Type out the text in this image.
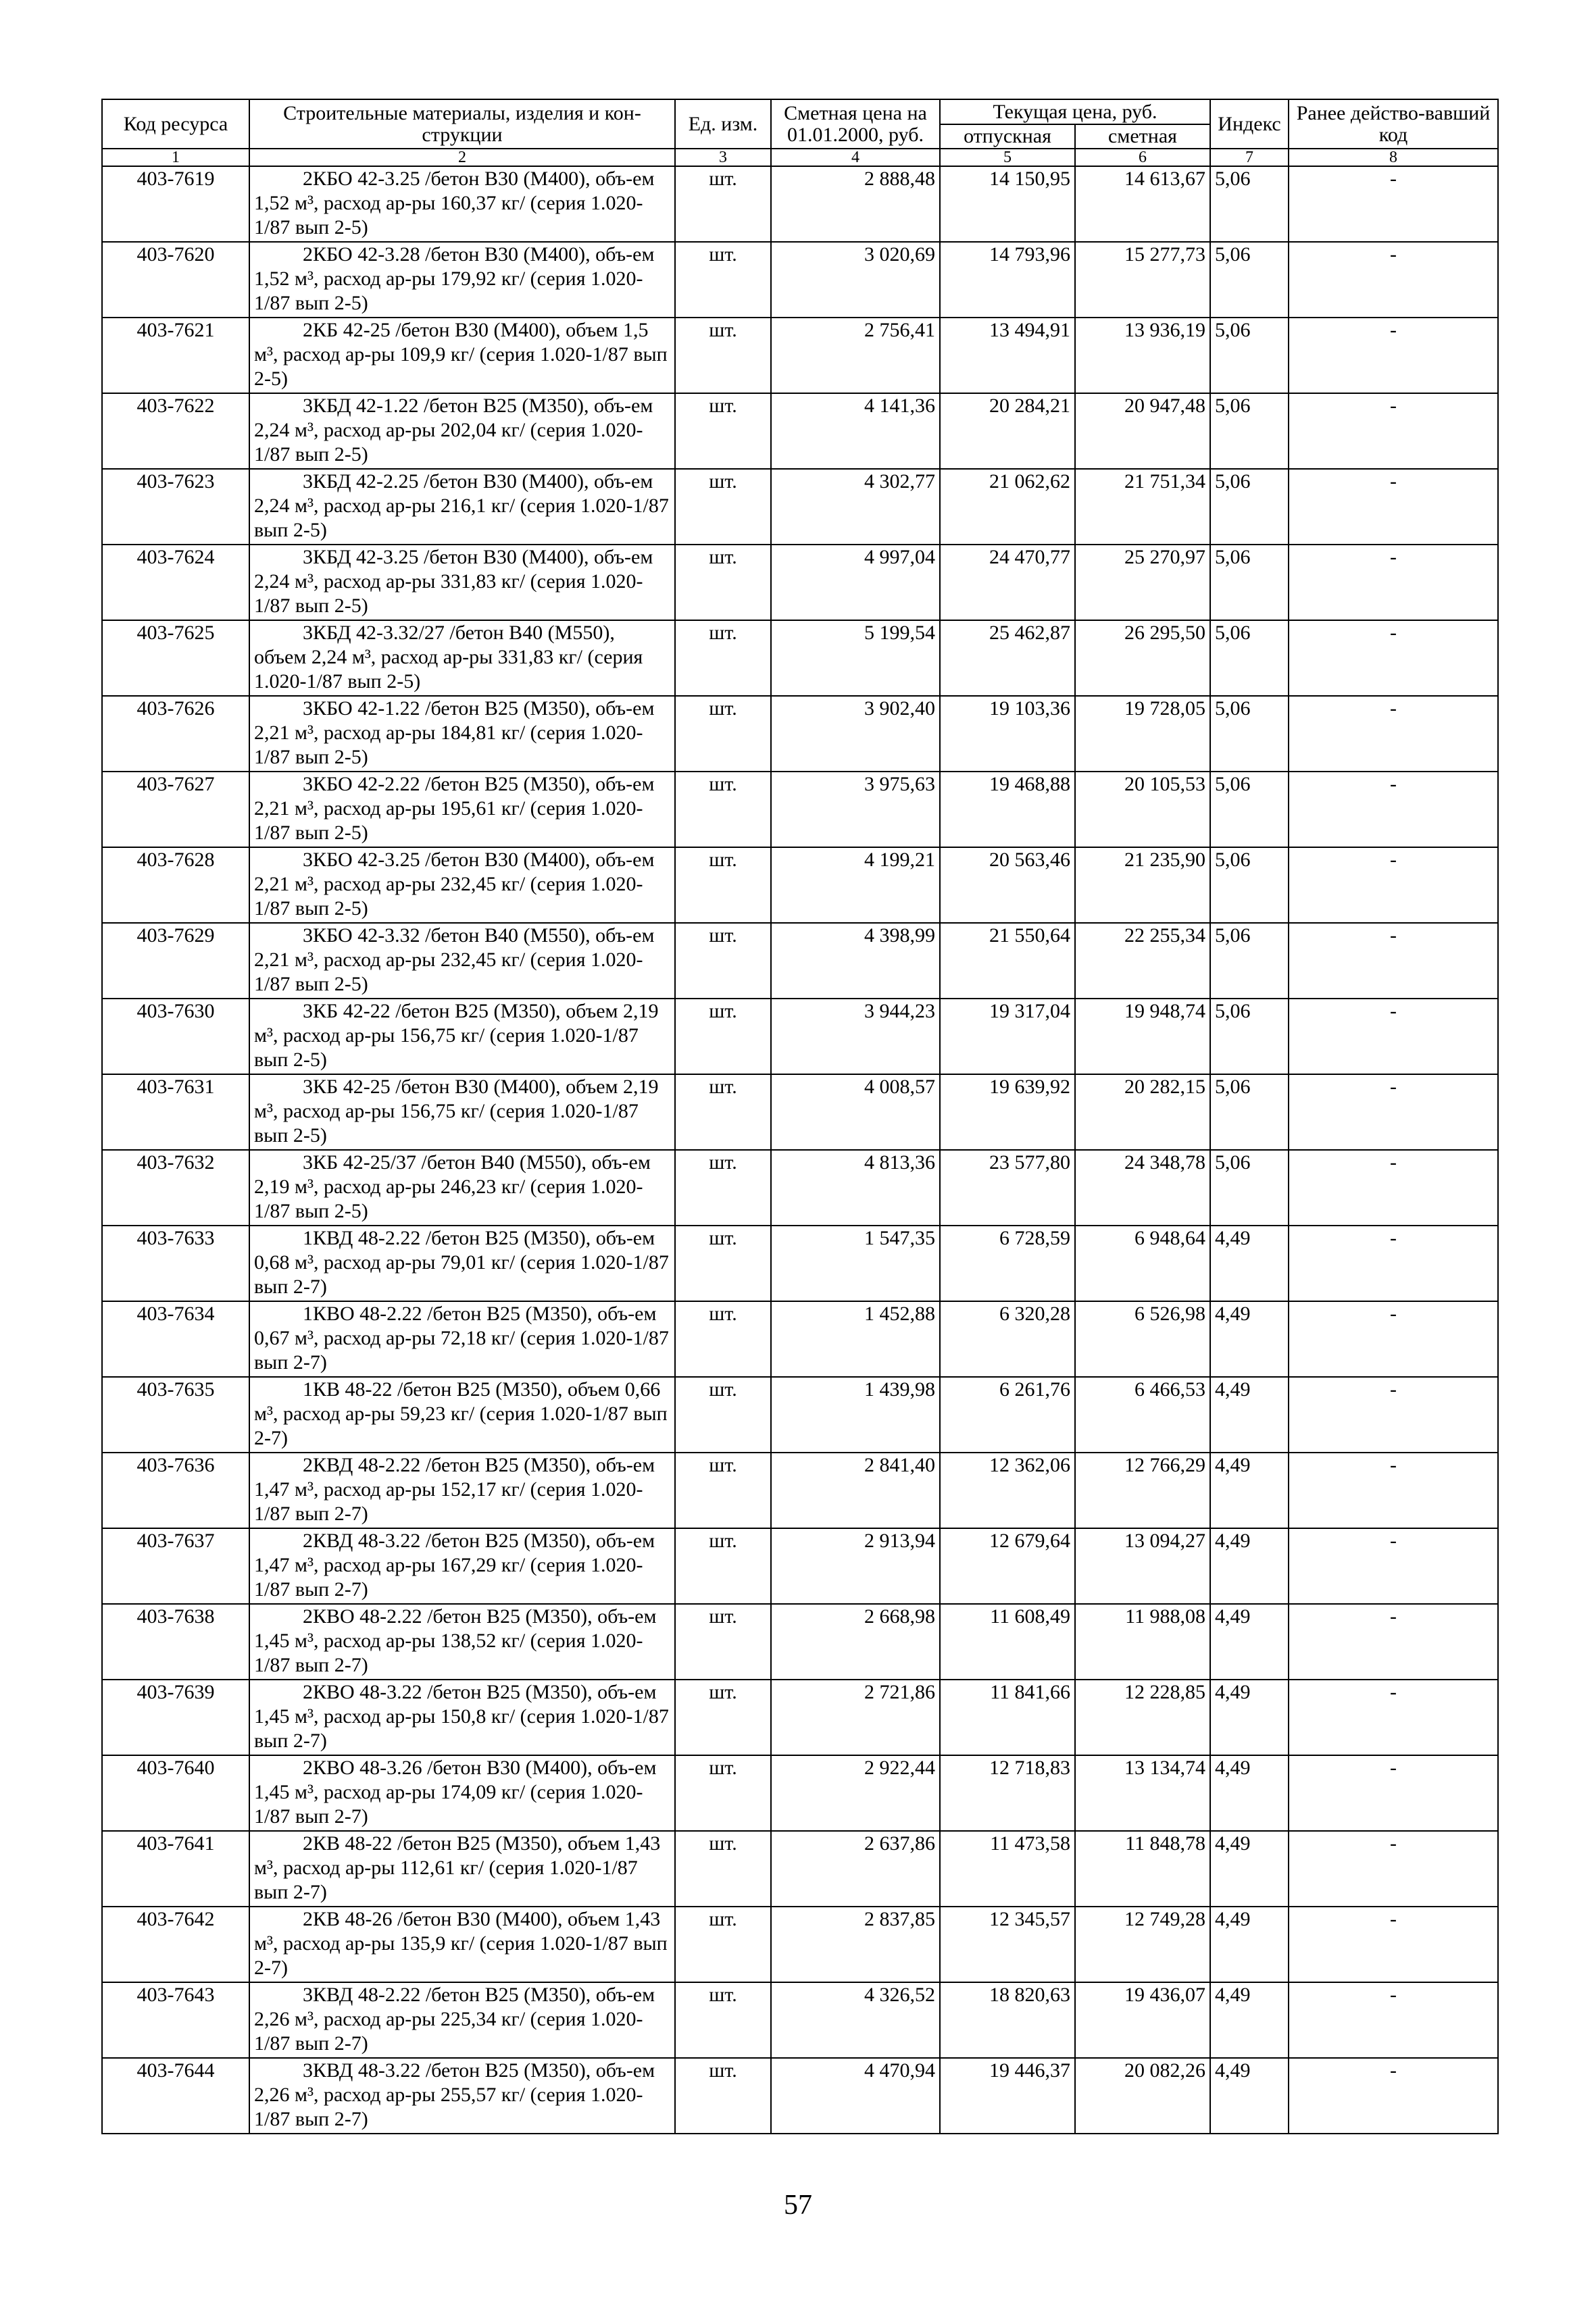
Код ресурса	Строительные материалы, изделия и кон-струкции	Ед. изм.	Сметная цена на 01.01.2000, руб.	Текущая цена, руб.		Индекс	Ранее действо-вавший код
				отпускная	сметная		
1	2	3	4	5	6	7	8
403-7619	2КБО 42-3.25 /бетон B30 (M400), объ-ем 1,52 м³, расход ар-ры 160,37 кг/ (серия 1.020-1/87 вып 2-5)	шт.	2 888,48	14 150,95	14 613,67	5,06	-
403-7620	2КБО 42-3.28 /бетон B30 (M400), объ-ем 1,52 м³, расход ар-ры 179,92 кг/ (серия 1.020-1/87 вып 2-5)	шт.	3 020,69	14 793,96	15 277,73	5,06	-
403-7621	2КБ 42-25 /бетон B30 (M400), объем 1,5 м³, расход ар-ры 109,9 кг/ (серия 1.020-1/87 вып 2-5)	шт.	2 756,41	13 494,91	13 936,19	5,06	-
403-7622	3КБД 42-1.22 /бетон B25 (M350), объ-ем 2,24 м³, расход ар-ры 202,04 кг/ (серия 1.020-1/87 вып 2-5)	шт.	4 141,36	20 284,21	20 947,48	5,06	-
403-7623	3КБД 42-2.25 /бетон B30 (M400), объ-ем 2,24 м³, расход ар-ры 216,1 кг/ (серия 1.020-1/87 вып 2-5)	шт.	4 302,77	21 062,62	21 751,34	5,06	-
403-7624	3КБД 42-3.25 /бетон B30 (M400), объ-ем 2,24 м³, расход ар-ры 331,83 кг/ (серия 1.020-1/87 вып 2-5)	шт.	4 997,04	24 470,77	25 270,97	5,06	-
403-7625	3КБД 42-3.32/27 /бетон B40 (M550), объем 2,24 м³, расход ар-ры 331,83 кг/ (серия 1.020-1/87 вып 2-5)	шт.	5 199,54	25 462,87	26 295,50	5,06	-
403-7626	3КБО 42-1.22 /бетон B25 (M350), объ-ем 2,21 м³, расход ар-ры 184,81 кг/ (серия 1.020-1/87 вып 2-5)	шт.	3 902,40	19 103,36	19 728,05	5,06	-
403-7627	3КБО 42-2.22 /бетон B25 (M350), объ-ем 2,21 м³, расход ар-ры 195,61 кг/ (серия 1.020-1/87 вып 2-5)	шт.	3 975,63	19 468,88	20 105,53	5,06	-
403-7628	3КБО 42-3.25 /бетон B30 (M400), объ-ем 2,21 м³, расход ар-ры 232,45 кг/ (серия 1.020-1/87 вып 2-5)	шт.	4 199,21	20 563,46	21 235,90	5,06	-
403-7629	3КБО 42-3.32 /бетон B40 (M550), объ-ем 2,21 м³, расход ар-ры 232,45 кг/ (серия 1.020-1/87 вып 2-5)	шт.	4 398,99	21 550,64	22 255,34	5,06	-
403-7630	3КБ 42-22 /бетон B25 (M350), объем 2,19 м³, расход ар-ры 156,75 кг/ (серия 1.020-1/87 вып 2-5)	шт.	3 944,23	19 317,04	19 948,74	5,06	-
403-7631	3КБ 42-25 /бетон B30 (M400), объем 2,19 м³, расход ар-ры 156,75 кг/ (серия 1.020-1/87 вып 2-5)	шт.	4 008,57	19 639,92	20 282,15	5,06	-
403-7632	3КБ 42-25/37 /бетон B40 (M550), объ-ем 2,19 м³, расход ар-ры 246,23 кг/ (серия 1.020-1/87 вып 2-5)	шт.	4 813,36	23 577,80	24 348,78	5,06	-
403-7633	1КВД 48-2.22 /бетон B25 (M350), объ-ем 0,68 м³, расход ар-ры 79,01 кг/ (серия 1.020-1/87 вып 2-7)	шт.	1 547,35	6 728,59	6 948,64	4,49	-
403-7634	1КВО 48-2.22 /бетон B25 (M350), объ-ем 0,67 м³, расход ар-ры 72,18 кг/ (серия 1.020-1/87 вып 2-7)	шт.	1 452,88	6 320,28	6 526,98	4,49	-
403-7635	1КВ 48-22 /бетон B25 (M350), объем 0,66 м³, расход ар-ры 59,23 кг/ (серия 1.020-1/87 вып 2-7)	шт.	1 439,98	6 261,76	6 466,53	4,49	-
403-7636	2КВД 48-2.22 /бетон B25 (M350), объ-ем 1,47 м³, расход ар-ры 152,17 кг/ (серия 1.020-1/87 вып 2-7)	шт.	2 841,40	12 362,06	12 766,29	4,49	-
403-7637	2КВД 48-3.22 /бетон B25 (M350), объ-ем 1,47 м³, расход ар-ры 167,29 кг/ (серия 1.020-1/87 вып 2-7)	шт.	2 913,94	12 679,64	13 094,27	4,49	-
403-7638	2КВО 48-2.22 /бетон B25 (M350), объ-ем 1,45 м³, расход ар-ры 138,52 кг/ (серия 1.020-1/87 вып 2-7)	шт.	2 668,98	11 608,49	11 988,08	4,49	-
403-7639	2КВО 48-3.22 /бетон B25 (M350), объ-ем 1,45 м³, расход ар-ры 150,8 кг/ (серия 1.020-1/87 вып 2-7)	шт.	2 721,86	11 841,66	12 228,85	4,49	-
403-7640	2КВО 48-3.26 /бетон B30 (M400), объ-ем 1,45 м³, расход ар-ры 174,09 кг/ (серия 1.020-1/87 вып 2-7)	шт.	2 922,44	12 718,83	13 134,74	4,49	-
403-7641	2КВ 48-22 /бетон B25 (M350), объем 1,43 м³, расход ар-ры 112,61 кг/ (серия 1.020-1/87 вып 2-7)	шт.	2 637,86	11 473,58	11 848,78	4,49	-
403-7642	2КВ 48-26 /бетон B30 (M400), объем 1,43 м³, расход ар-ры 135,9 кг/ (серия 1.020-1/87 вып 2-7)	шт.	2 837,85	12 345,57	12 749,28	4,49	-
403-7643	3КВД 48-2.22 /бетон B25 (M350), объ-ем 2,26 м³, расход ар-ры 225,34 кг/ (серия 1.020-1/87 вып 2-7)	шт.	4 326,52	18 820,63	19 436,07	4,49	-
403-7644	3КВД 48-3.22 /бетон B25 (M350), объ-ем 2,26 м³, расход ар-ры 255,57 кг/ (серия 1.020-1/87 вып 2-7)	шт.	4 470,94	19 446,37	20 082,26	4,49	-
57
